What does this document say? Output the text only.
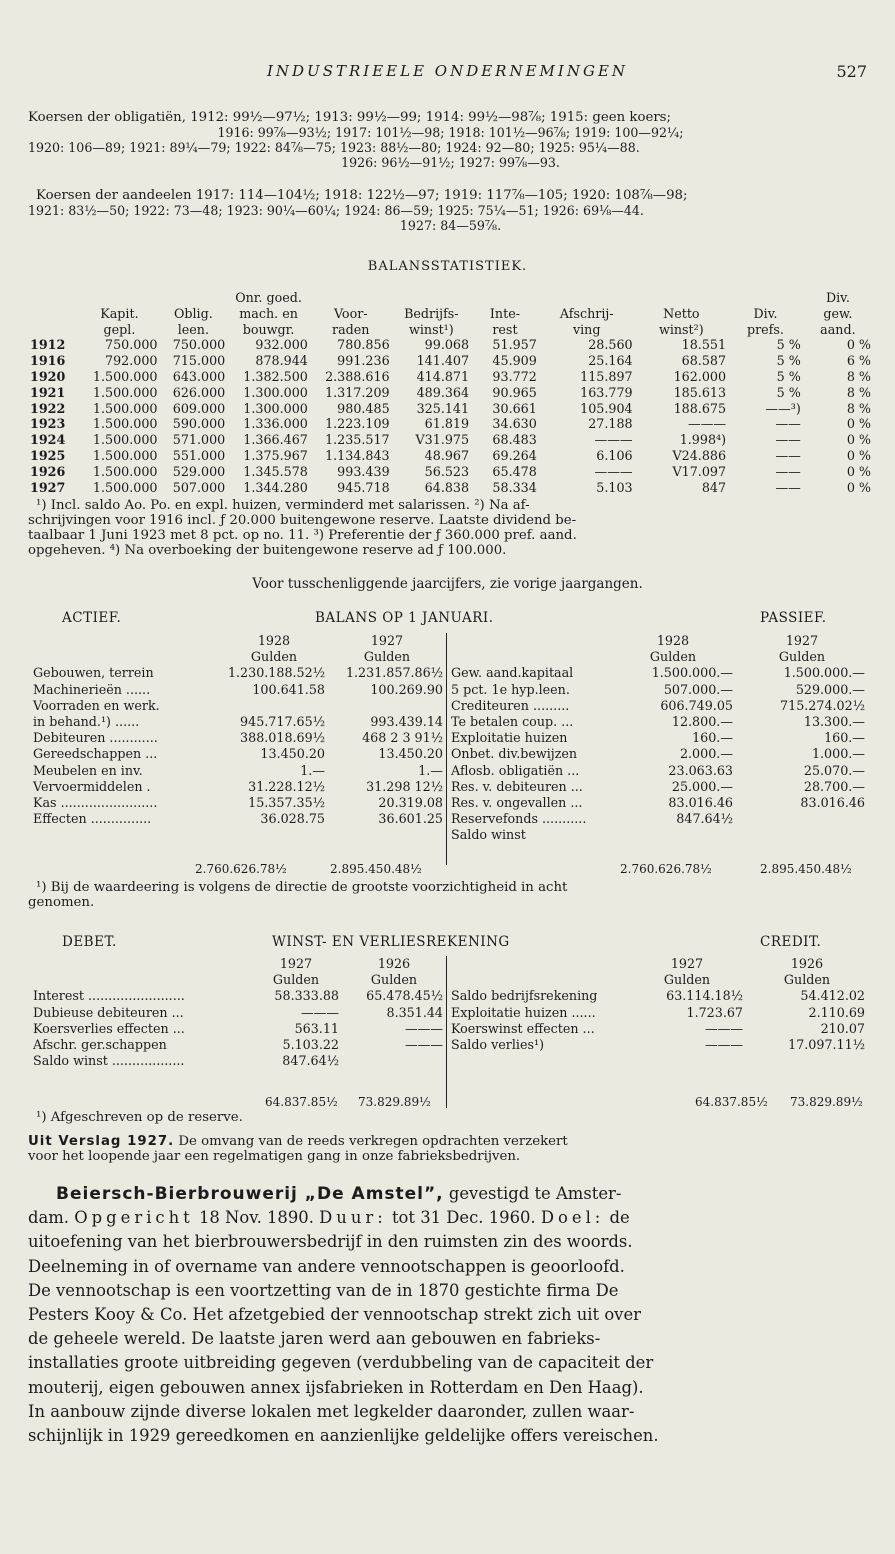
INDUSTRIEELE ONDERNEMINGEN	527
Koersen der obligatiën, 1912: 99½—97½; 1913: 99½—99; 1914: 99½—98⅞; 1915: geen koers;
1916: 99⅞—93½; 1917: 101½—98; 1918: 101½—96⅞; 1919: 100—92¼;
1920: 106—89; 1921: 89¼—79; 1922: 84⅞—75; 1923: 88½—80; 1924: 92—80; 1925: 95¼—88.
1926: 96½—91½; 1927: 99⅞—93.
Koersen der aandeelen 1917: 114—104½; 1918: 122½—97; 1919: 117⅞—105; 1920: 108⅞—98;
1921: 83½—50; 1922: 73—48; 1923: 90¼—60¼; 1924: 86—59; 1925: 75¼—51; 1926: 69⅛—44.
1927: 84—59⅞.
BALANSSTATISTIEK.
			Onr. goed.							Div.
	Kapit.	Oblig.	mach. en	Voor-	Bedrijfs-	Inte-	Afschrij-	Netto	Div.	gew.
	gepl.	leen.	bouwgr.	raden	winst¹)	rest	ving	winst²)	prefs.	aand.
1912	750.000	750.000	932.000	780.856	99.068	51.957	28.560	18.551	5 %	0 %
1916	792.000	715.000	878.944	991.236	141.407	45.909	25.164	68.587	5 %	6 %
1920	1.500.000	643.000	1.382.500	2.388.616	414.871	93.772	115.897	162.000	5 %	8 %
1921	1.500.000	626.000	1.300.000	1.317.209	489.364	90.965	163.779	185.613	5 %	8 %
1922	1.500.000	609.000	1.300.000	980.485	325.141	30.661	105.904	188.675	——³)	8 %
1923	1.500.000	590.000	1.336.000	1.223.109	61.819	34.630	27.188	———	——	0 %
1924	1.500.000	571.000	1.366.467	1.235.517	V31.975	68.483	———	1.998⁴)	——	0 %
1925	1.500.000	551.000	1.375.967	1.134.843	48.967	69.264	6.106	V24.886	——	0 %
1926	1.500.000	529.000	1.345.578	993.439	56.523	65.478	———	V17.097	——	0 %
1927	1.500.000	507.000	1.344.280	945.718	64.838	58.334	5.103	847	——	0 %
¹) Incl. saldo Ao. Po. en expl. huizen, verminderd met salarissen. ²) Na af-
schrijvingen voor 1916 incl. ƒ 20.000 buitengewone reserve. Laatste dividend be-
taalbaar 1 Juni 1923 met 8 pct. op no. 11. ³) Preferentie der ƒ 360.000 pref. aand.
opgeheven. ⁴) Na overboeking der buitengewone reserve ad ƒ 100.000.
Voor tusschenliggende jaarcijfers, zie vorige jaargangen.
ACTIEF.	BALANS OP 1 JANUARI.	PASSIEF.
	1928	1927
	Gulden	Gulden
Gebouwen, terrein	1.230.188.52½	1.231.857.86½
Machinerieën ......	100.641.58	100.269.90
Voorraden en werk.		
in behand.¹) ......	945.717.65½	993.439.14
Debiteuren ............	388.018.69½	468 2 3 91½
Gereedschappen ...	13.450.20	13.450.20
Meubelen en inv.	1.—	1.—
Vervoermiddelen .	31.228.12½	31.298 12½
Kas ........................	15.357.35½	20.319.08
Effecten ...............	36.028.75	36.601.25
	1928	1927
	Gulden	Gulden
Gew. aand.kapitaal	1.500.000.—	1.500.000.—
5 pct. 1e hyp.leen.	507.000.—	529.000.—
Crediteuren .........	606.749.05	715.274.02½
Te betalen coup. ...	12.800.—	13.300.—
Exploitatie huizen	160.—	160.—
Onbet. div.bewijzen	2.000.—	1.000.—
Aflosb. obligatiën ...	23.063.63	25.070.—
Res. v. debiteuren ...	25.000.—	28.700.—
Res. v. ongevallen ...	83.016.46	83.016.46
Reservefonds ...........	847.64½	
Saldo winst		
2.760.626.78½	2.895.450.48½	2.760.626.78½	2.895.450.48½
¹) Bij de waardeering is volgens de directie de grootste voorzichtigheid in acht
genomen.
DEBET.	WINST- EN VERLIESREKENING	CREDIT.
	1927	1926
	Gulden	Gulden
Interest ........................	58.333.88	65.478.45½
Dubieuse debiteuren ...	———	8.351.44
Koersverlies effecten ...	563.11	———
Afschr. ger.schappen	5.103.22	———
Saldo winst ..................	847.64½	
	1927	1926
	Gulden	Gulden
Saldo bedrijfsrekening	63.114.18½	54.412.02
Exploitatie huizen ......	1.723.67	2.110.69
Koerswinst effecten ...	———	210.07
Saldo verlies¹)	———	17.097.11½
64.837.85½ 73.829.89½	64.837.85½ 73.829.89½
¹) Afgeschreven op de reserve.
Uit Verslag 1927. De omvang van de reeds verkregen opdrachten verzekert
voor het loopende jaar een regelmatigen gang in onze fabrieksbedrijven.
Beiersch-Bierbrouwerij „De Amstel”, gevestigd te Amster-
dam. Opgericht 18 Nov. 1890. Duur: tot 31 Dec. 1960. Doel: de
uitoefening van het bierbrouwersbedrijf in den ruimsten zin des woords.
Deelneming in of overname van andere vennootschappen is geoorloofd.
De vennootschap is een voortzetting van de in 1870 gestichte firma De
Pesters Kooy & Co. Het afzetgebied der vennootschap strekt zich uit over
de geheele wereld. De laatste jaren werd aan gebouwen en fabrieks-
installaties groote uitbreiding gegeven (verdubbeling van de capaciteit der
mouterij, eigen gebouwen annex ijsfabrieken in Rotterdam en Den Haag).
In aanbouw zijnde diverse lokalen met legkelder daaronder, zullen waar-
schijnlijk in 1929 gereedkomen en aanzienlijke geldelijke offers vereischen.
